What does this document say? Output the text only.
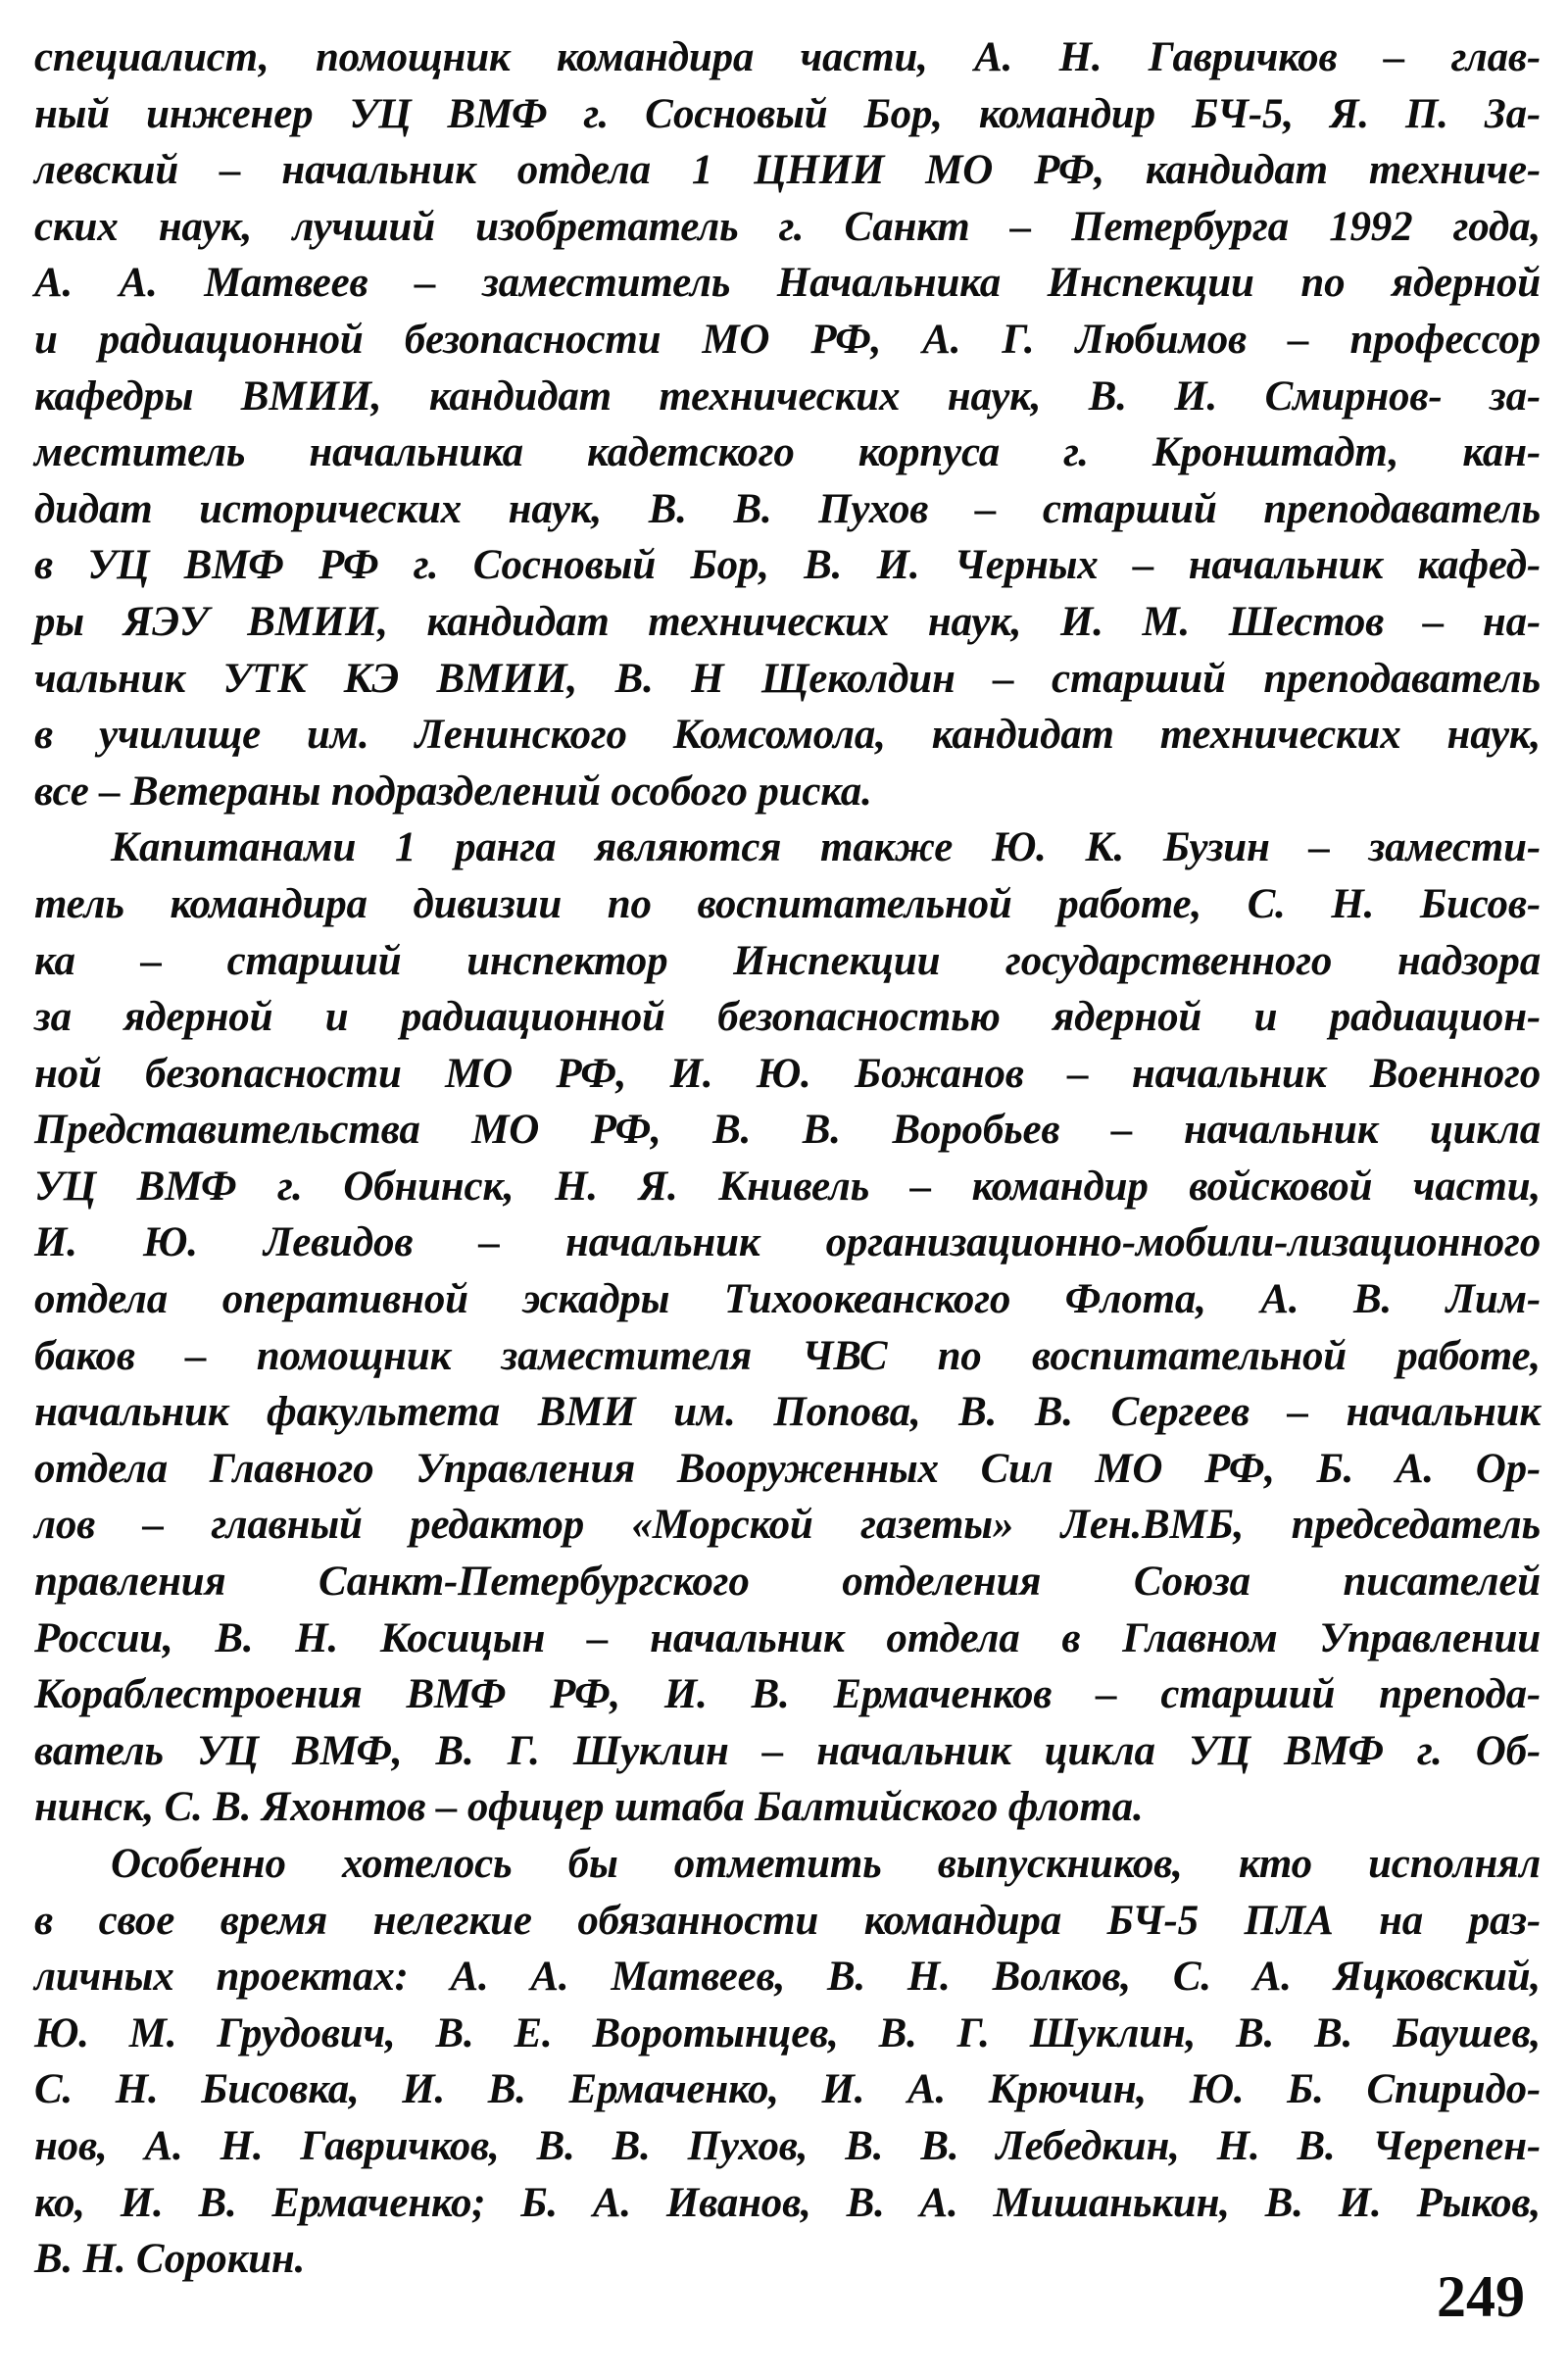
специалист, помощник командира части, А. Н. Гавричков – глав-
ный инженер УЦ ВМФ г. Сосновый Бор, командир БЧ-5, Я. П. За-
левский – начальник отдела 1 ЦНИИ МО РФ, кандидат техниче-
ских наук, лучший изобретатель г. Санкт – Петербурга 1992 года,
А. А. Матвеев – заместитель Начальника Инспекции по ядерной
и радиационной безопасности МО РФ, А. Г. Любимов – профессор
кафедры ВМИИ, кандидат технических наук, В. И. Смирнов- за-
меститель начальника кадетского корпуса г. Кронштадт, кан-
дидат исторических наук, В. В. Пухов – старший преподаватель
в УЦ ВМФ РФ г. Сосновый Бор, В. И. Черных – начальник кафед-
ры ЯЭУ ВМИИ, кандидат технических наук, И. М. Шестов – на-
чальник УТК КЭ ВМИИ, В. Н Щеколдин – старший преподаватель
в училище им. Ленинского Комсомола, кандидат технических наук,
все – Ветераны подразделений особого риска.
Капитанами 1 ранга являются также Ю. К. Бузин – замести-
тель командира дивизии по воспитательной работе, С. Н. Бисов-
ка – старший инспектор Инспекции государственного надзора
за ядерной и радиационной безопасностью ядерной и радиацион-
ной безопасности МО РФ, И. Ю. Божанов – начальник Военного
Представительства МО РФ, В. В. Воробьев – начальник цикла
УЦ ВМФ г. Обнинск, Н. Я. Книвель – командир войсковой части,
И. Ю. Левидов – начальник организационно-мобили-лизационного
отдела оперативной эскадры Тихоокеанского Флота, А. В. Лим-
баков – помощник заместителя ЧВС по воспитательной работе,
начальник факультета ВМИ им. Попова, В. В. Сергеев – начальник
отдела Главного Управления Вооруженных Сил МО РФ, Б. А. Ор-
лов – главный редактор «Морской газеты» Лен.ВМБ, председатель
правления Санкт-Петербургского отделения Союза писателей
России, В. Н. Косицын – начальник отдела в Главном Управлении
Кораблестроения ВМФ РФ, И. В. Ермаченков – старший препода-
ватель УЦ ВМФ, В. Г. Шуклин – начальник цикла УЦ ВМФ г. Об-
нинск, С. В. Яхонтов – офицер штаба Балтийского флота.
Особенно хотелось бы отметить выпускников, кто исполнял
в свое время нелегкие обязанности командира БЧ-5 ПЛА на раз-
личных проектах: А. А. Матвеев, В. Н. Волков, С. А. Яцковский,
Ю. М. Грудович, В. Е. Воротынцев, В. Г. Шуклин, В. В. Баушев,
С. Н. Бисовка, И. В. Ермаченко, И. А. Крючин, Ю. Б. Спиридо-
нов, А. Н. Гавричков, В. В. Пухов, В. В. Лебедкин, Н. В. Черепен-
ко, И. В. Ермаченко; Б. А. Иванов, В. А. Мишанькин, В. И. Рыков,
В. Н. Сорокин.
249
